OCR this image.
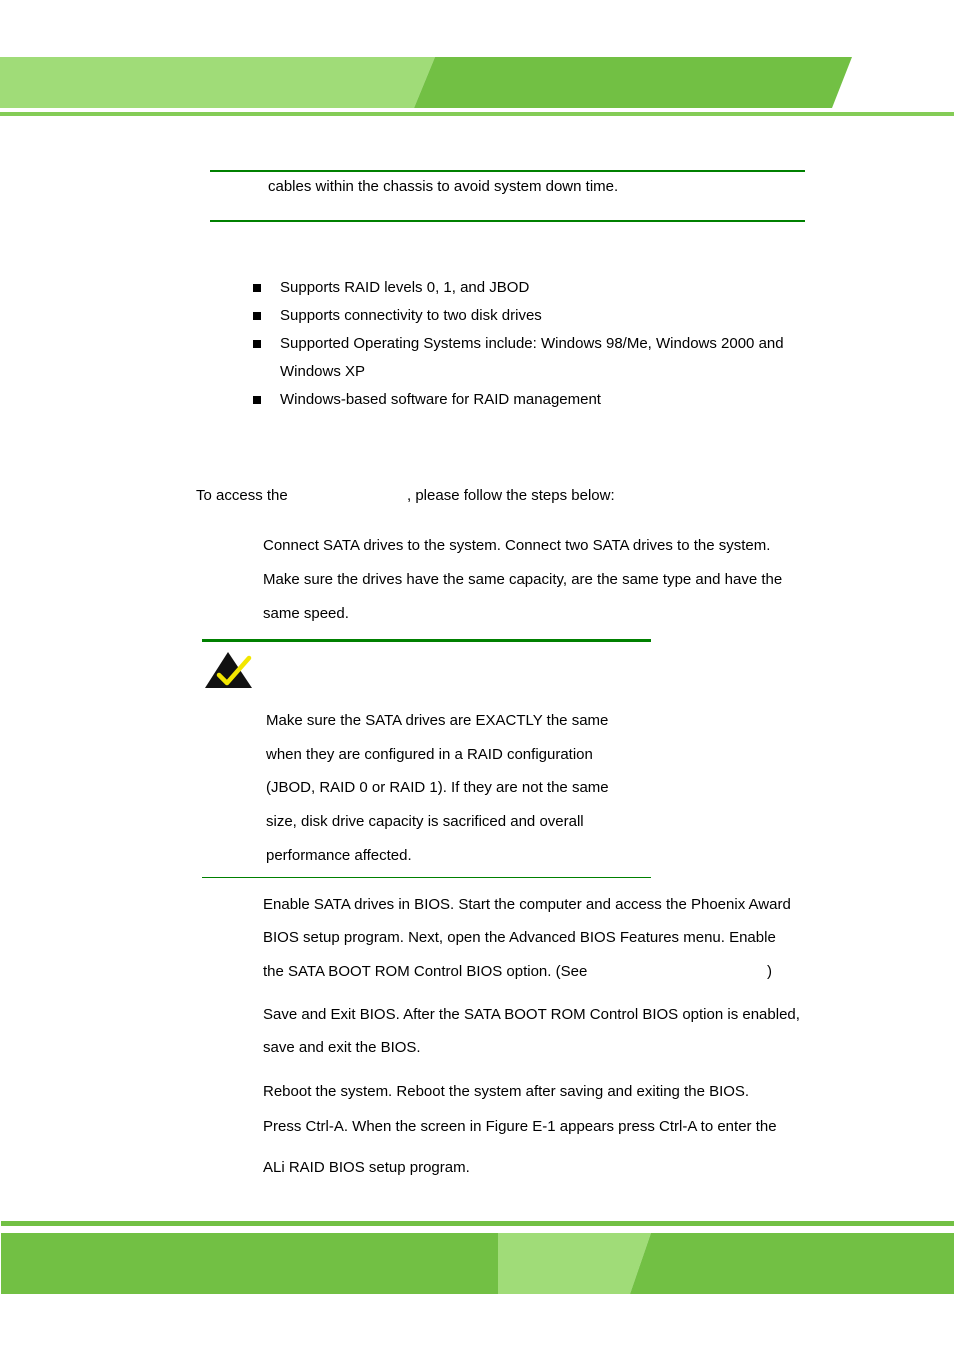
cables within the chassis to avoid system down time.
Supports RAID levels 0, 1, and JBOD
Supports connectivity to two disk drives
Supported Operating Systems include: Windows 98/Me, Windows 2000 and
Windows XP
Windows-based software for RAID management
To access the	, please follow the steps below:
Connect SATA drives to the system. Connect two SATA drives to the system.
Make sure the drives have the same capacity, are the same type and have the
same speed.
Make sure the SATA drives are EXACTLY the same
when they are configured in a RAID configuration
(JBOD, RAID 0 or RAID 1). If they are not the same
size, disk drive capacity is sacrificed and overall
performance affected.
Enable SATA drives in BIOS. Start the computer and access the Phoenix Award
BIOS setup program. Next, open the Advanced BIOS Features menu. Enable
the SATA BOOT ROM Control BIOS option. (See	)
Save and Exit BIOS. After the SATA BOOT ROM Control BIOS option is enabled,
save and exit the BIOS.
Reboot the system. Reboot the system after saving and exiting the BIOS.
Press Ctrl-A. When the screen in Figure E-1 appears press Ctrl-A to enter the
ALi RAID BIOS setup program.
